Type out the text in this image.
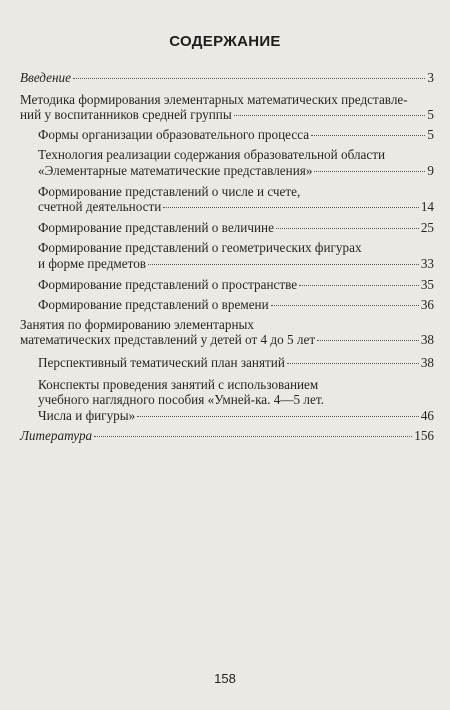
СОДЕРЖАНИЕ
Введение	3
Методика формирования элементарных математических представле-
ний у воспитанников средней группы	5
Формы организации образовательного процесса	5
Технология реализации содержания образовательной области
«Элементарные математические представления»	9
Формирование представлений о числе и счете,
счетной деятельности	14
Формирование представлений о величине	25
Формирование представлений о геометрических фигурах
и форме предметов	33
Формирование представлений о пространстве	35
Формирование представлений о времени	36
Занятия по формированию элементарных
математических представлений у детей от 4 до 5 лет	38
Перспективный тематический план занятий	38
Конспекты проведения занятий с использованием
учебного наглядного пособия «Умней-ка. 4—5 лет.
Числа и фигуры»	46
Литература	156
158
